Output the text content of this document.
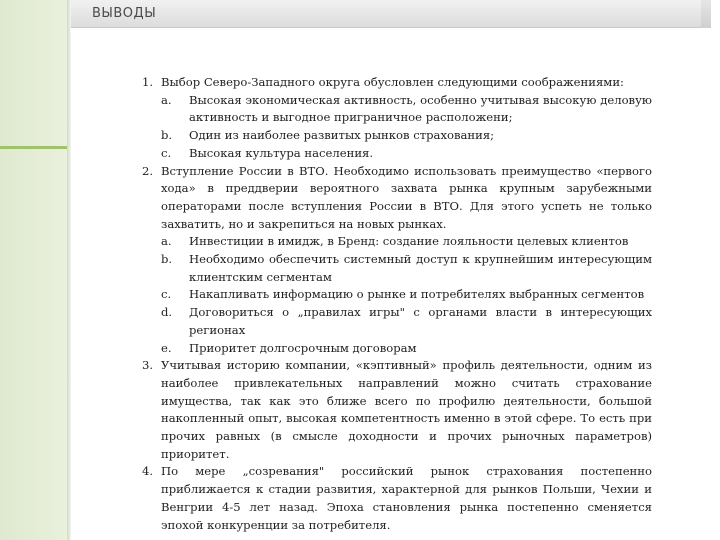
ВЫВОДЫ
1. Выбор Северо-Западного округа обусловлен следующими соображениями:
a.	Высокая экономическая активность, особенно учитывая высокую деловую активность и выгодное приграничное расположени;
b.	Один из наиболее развитых рынков страхования;
c.	Высокая культура населения.
2. Вступление России в ВТО. Необходимо использовать преимущество «первого хода» в преддверии вероятного захвата рынка крупным зарубежными операторами после вступления России в ВТО. Для этого успеть не только захватить, но и закрепиться на новых рынках.
a.	Инвестиции в имидж, в Бренд: создание лояльности целевых клиентов
b.	Необходимо обеспечить системный доступ к крупнейшим интересующим клиентским сегментам
c.	Накапливать информацию о рынке и потребителях выбранных сегментов
d.	Договориться о „правилах игры" с органами власти в интересующих регионах
e.	Приоритет долгосрочным договорам
3. Учитывая историю компании, «кэптивный» профиль деятельности, одним из наиболее привлекательных направлений можно считать страхование имущества, так как это ближе всего по профилю деятельности, большой накопленный опыт, высокая компетентность именно в этой сфере. То есть при прочих равных (в смысле доходности и прочих рыночных параметров) приоритет.
4. По мере „созревания" российский рынок страхования постепенно приближается к стадии развития, характерной для рынков Польши, Чехии и Венгрии 4-5 лет назад. Эпоха становления рынка постепенно сменяется эпохой конкуренции за потребителя.
